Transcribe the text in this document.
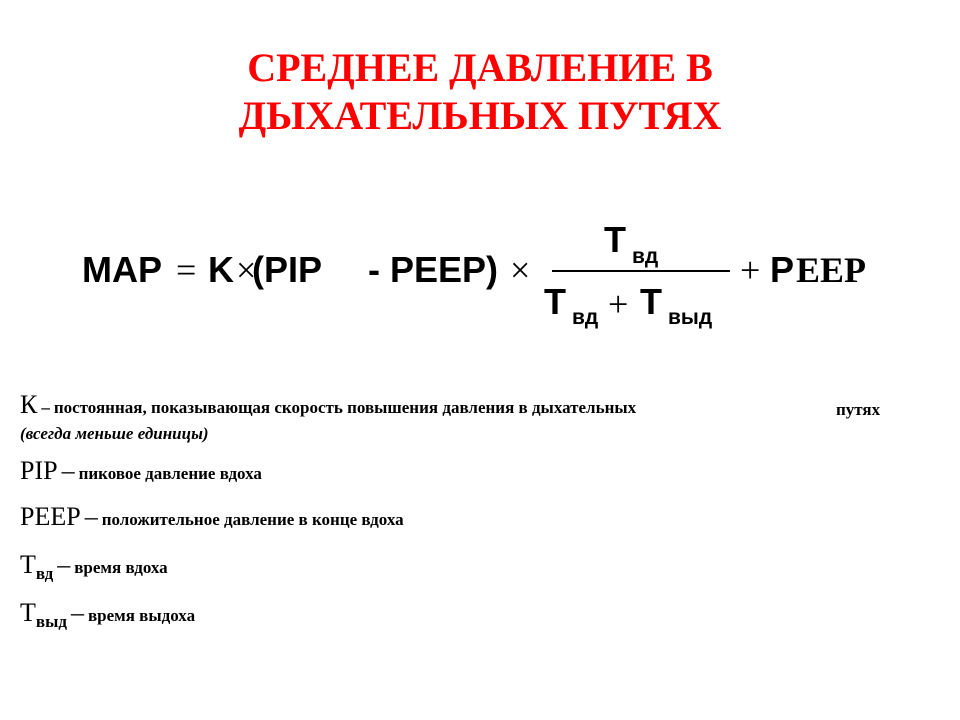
СРЕДНЕЕ ДАВЛЕНИЕ В
ДЫХАТЕЛЬНЫХ ПУТЯХ
MAP = K ×
(PIP - PEEP) ×
T вд
T вд + T выд
+ P EEP
К – постоянная, показывающая скорость повышения давления в дыхательных	путях
(всегда меньше единицы)
PIP – пиковое давление вдоха
PEEP – положительное давление в конце вдоха
Твд – время вдоха
Твыд – время выдоха
